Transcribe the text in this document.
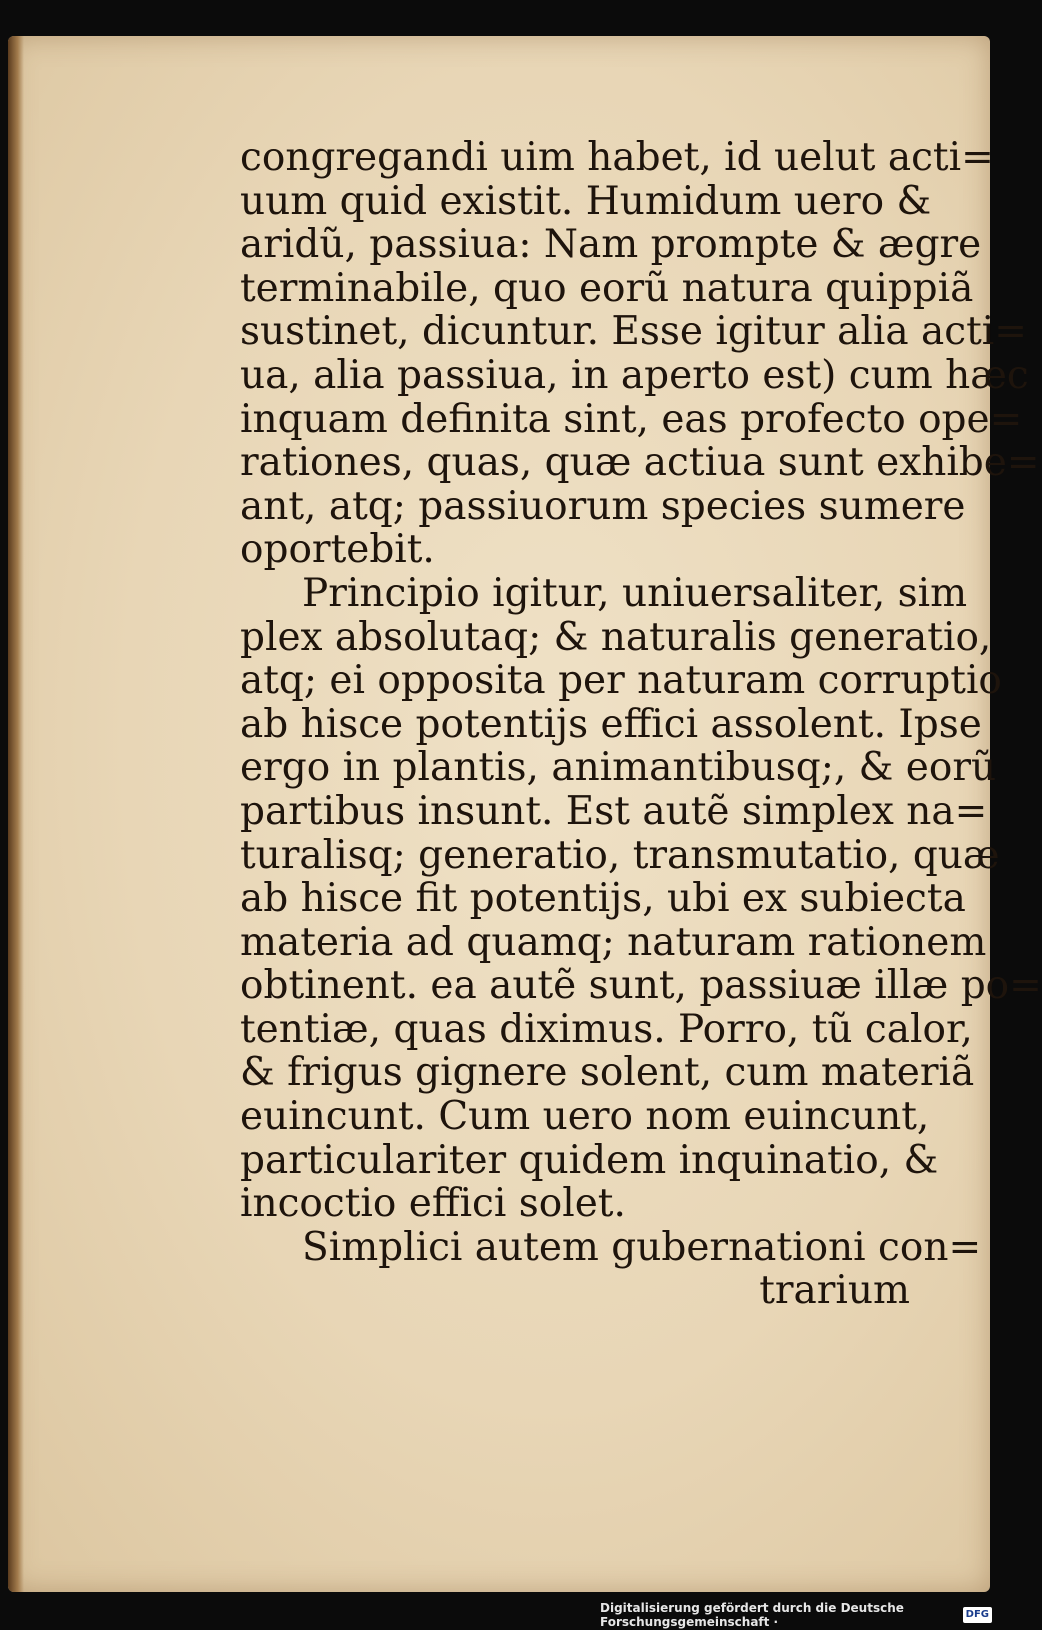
congregandi uim habet, id uelut acti=
uum quid existit. Humidum uero &
aridũ, passiua: Nam prompte & ægre
terminabile, quo eorũ natura quippiã
sustinet, dicuntur. Esse igitur alia acti=
ua, alia passiua, in aperto est) cum hæc
inquam definita sint, eas profecto ope=
rationes, quas, quæ actiua sunt exhibe=
ant, atq; passiuorum species sumere
oportebit.
Principio igitur, uniuersaliter, sim
plex absolutaq; & naturalis generatio,
atq; ei opposita per naturam corruptio
ab hisce potentijs effici assolent. Ipse
ergo in plantis, animantibusq;, & eorũ
partibus insunt. Est autẽ simplex na=
turalisq; generatio, transmutatio, quæ
ab hisce fit potentijs, ubi ex subiecta
materia ad quamq; naturam rationem
obtinent. ea autẽ sunt, passiuæ illæ po=
tentiæ, quas diximus. Porro, tũ calor,
& frigus gignere solent, cum materiã
euincunt. Cum uero nom euincunt,
particulariter quidem inquinatio, &
incoctio effici solet.
Simplici autem gubernationi con=
trarium
Digitalisierung gefördert durch die Deutsche Forschungsgemeinschaft ·
DFG
